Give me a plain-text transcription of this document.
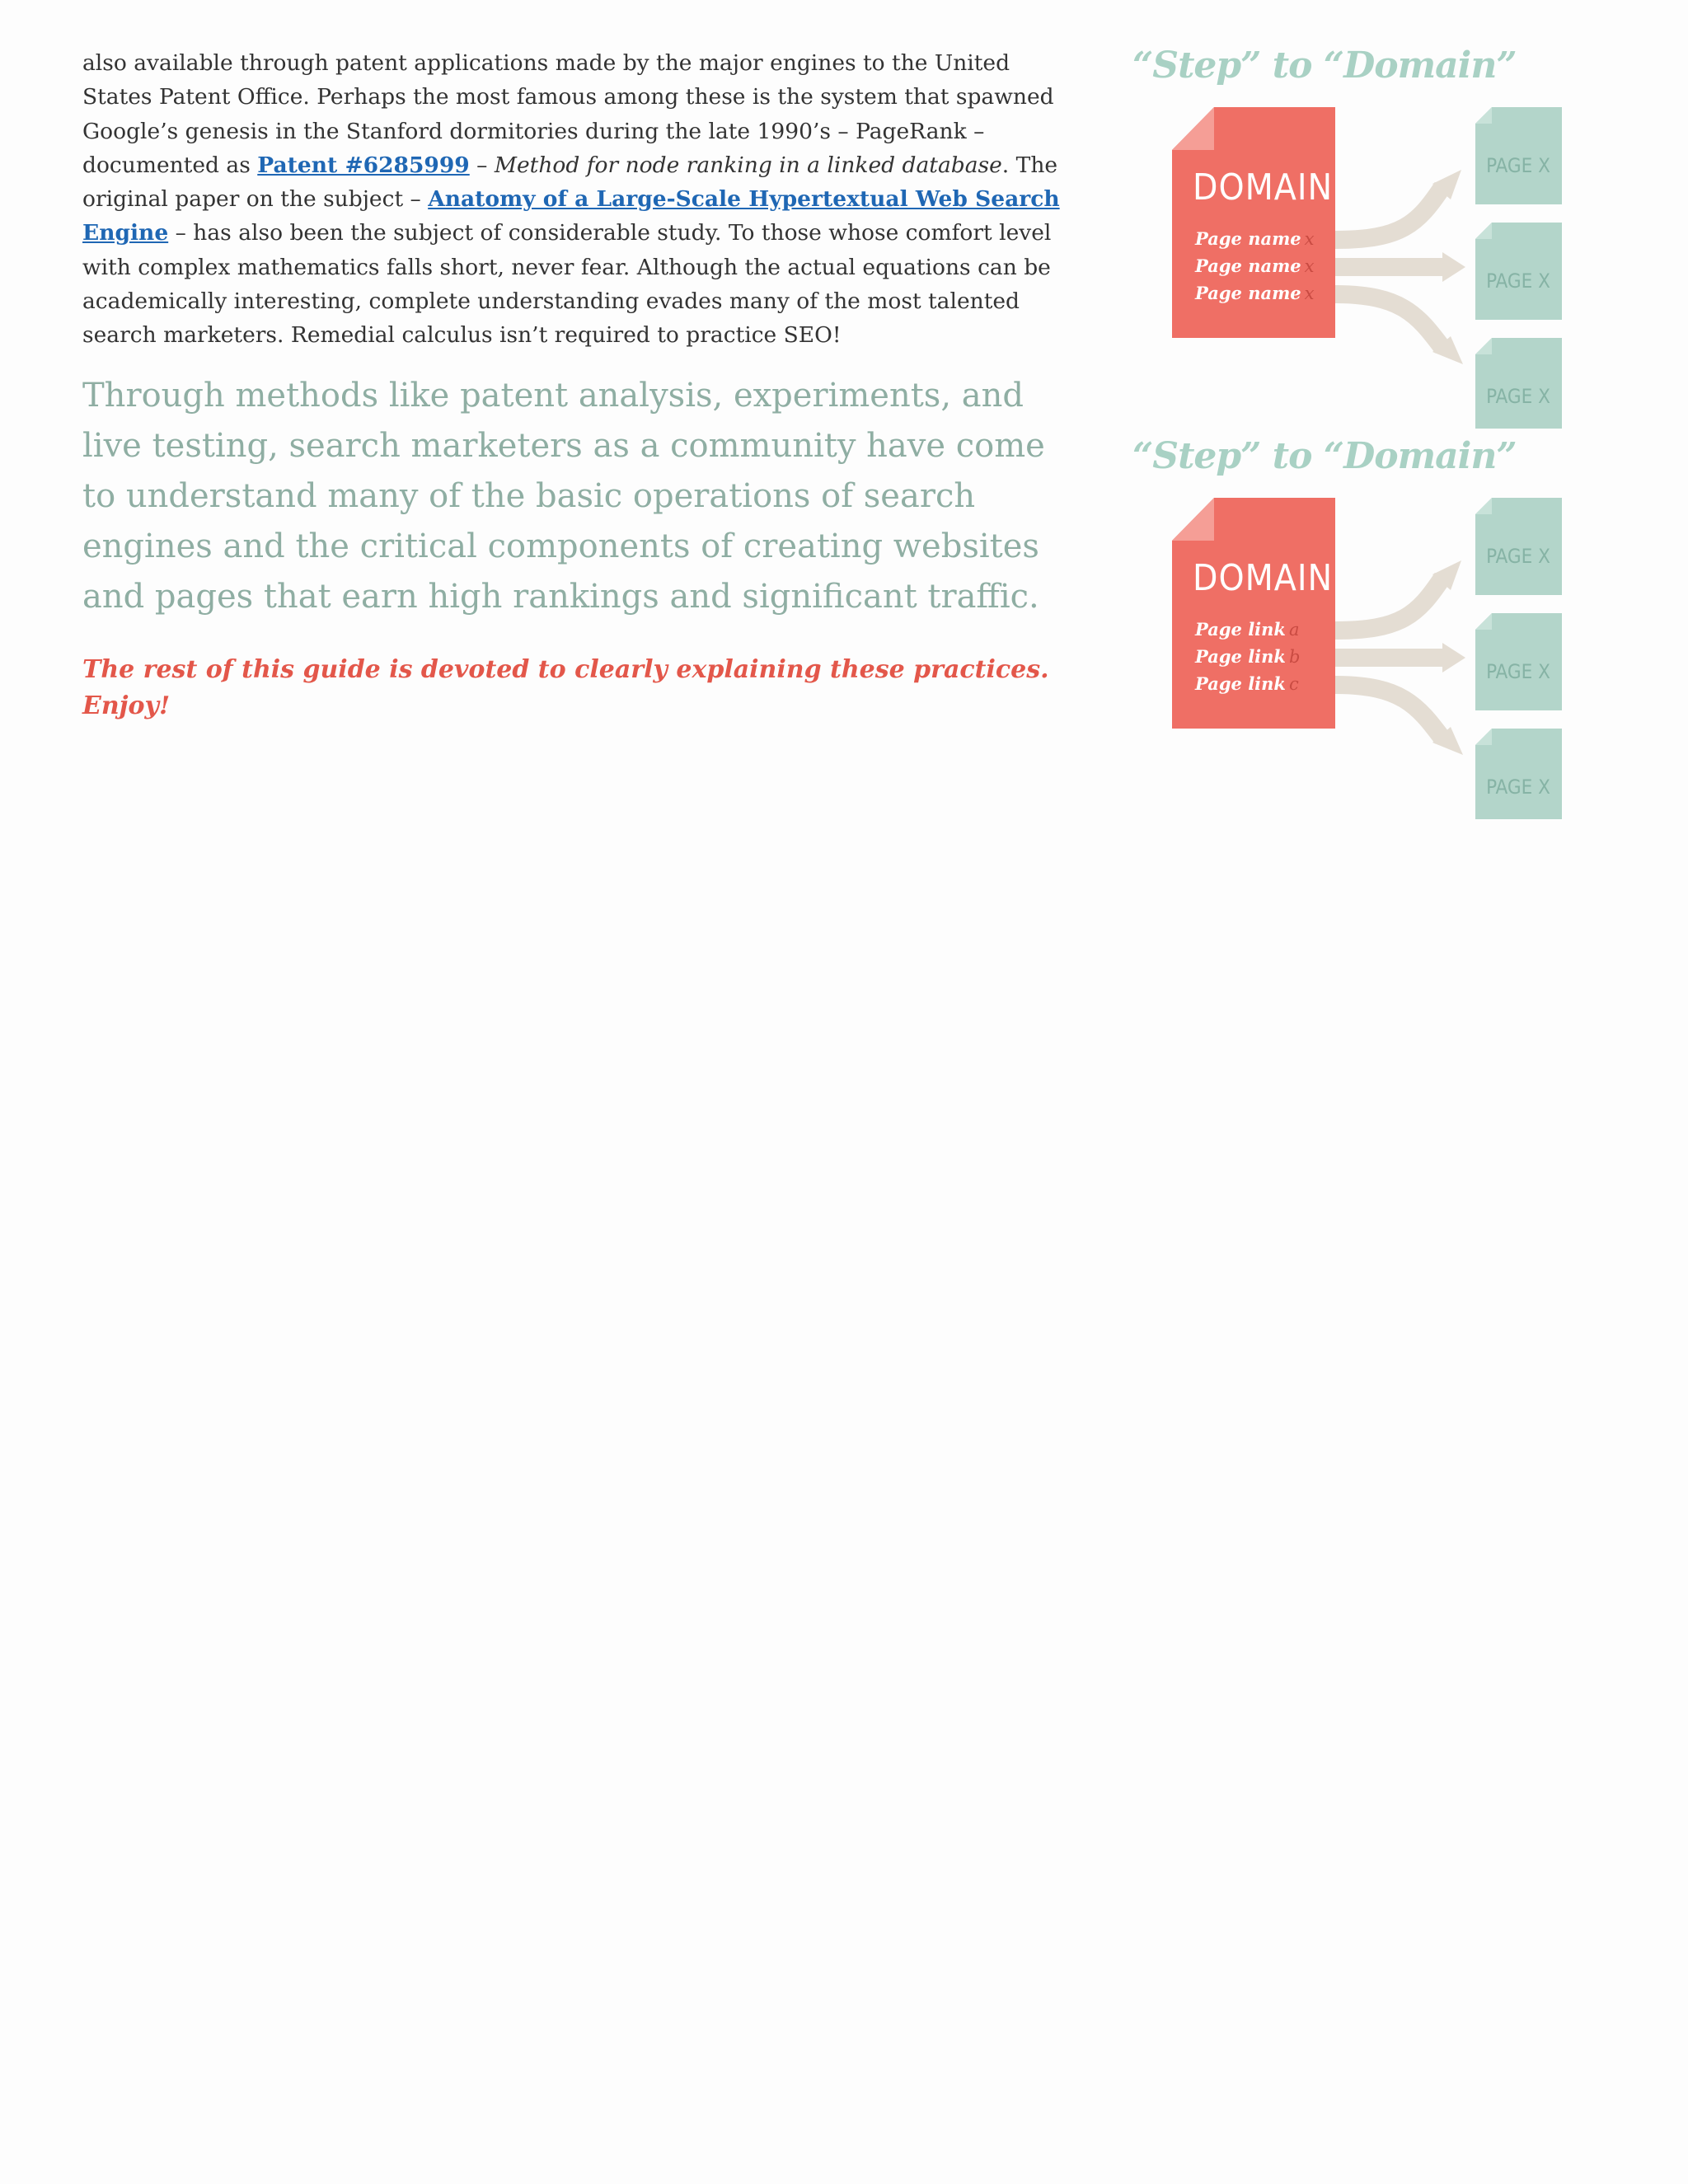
also available through patent applications made by the major engines to the United States Patent Office. Perhaps the most famous among these is the system that spawned Google’s genesis in the Stanford dormitories during the late 1990’s – PageRank – documented as Patent #6285999 – Method for node ranking in a linked database. The original paper on the subject – Anatomy of a Large-Scale Hypertextual Web Search Engine – has also been the subject of considerable study. To those whose comfort level with complex mathematics falls short, never fear. Although the actual equations can be academically interesting, complete understanding evades many of the most talented search marketers. Remedial calculus isn’t required to practice SEO!

Through methods like patent analysis, experiments, and live testing, search marketers as a community have come to understand many of the basic operations of search engines and the critical components of creating websites and pages that earn high rankings and significant traffic.

The rest of this guide is devoted to clearly explaining these practices. Enjoy!

DOMAIN
Page name x
Page name x
Page name x
PAGE X
PAGE X
PAGE X
“Step” to “Domain”
DOMAIN
Page link a
Page link b
Page link c
PAGE X
PAGE X
PAGE X
“Step” to “Domain”
